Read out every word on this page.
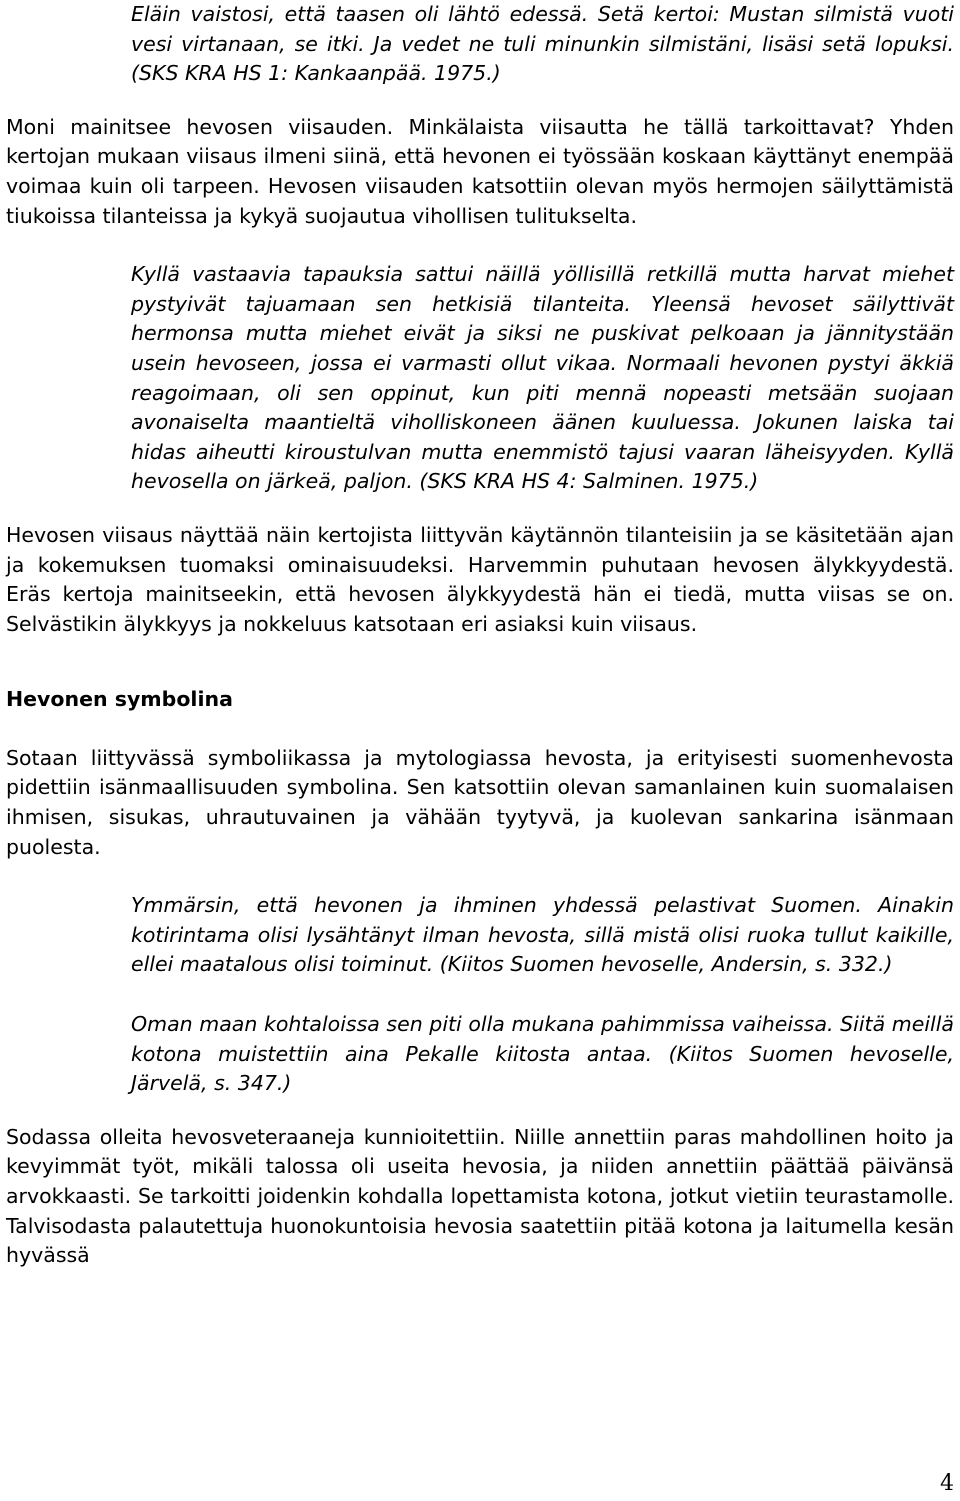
Eläin vaistosi, että taasen oli lähtö edessä. Setä kertoi: Mustan silmistä vuoti vesi virtanaan, se itki. Ja vedet ne tuli minunkin silmistäni, lisäsi setä lopuksi. (SKS KRA HS 1: Kankaanpää. 1975.)

Moni mainitsee hevosen viisauden. Minkälaista viisautta he tällä tarkoittavat? Yhden kertojan mukaan viisaus ilmeni siinä, että hevonen ei työssään koskaan käyttänyt enempää voimaa kuin oli tarpeen. Hevosen viisauden katsottiin olevan myös hermojen säilyttämistä tiukoissa tilanteissa ja kykyä suojautua vihollisen tulitukselta.

Kyllä vastaavia tapauksia sattui näillä yöllisillä retkillä mutta harvat miehet pystyivät tajuamaan sen hetkisiä tilanteita. Yleensä hevoset säilyttivät hermonsa mutta miehet eivät ja siksi ne puskivat pelkoaan ja jännitystään usein hevoseen, jossa ei varmasti ollut vikaa. Normaali hevonen pystyi äkkiä reagoimaan, oli sen oppinut, kun piti mennä nopeasti metsään suojaan avonaiselta maantieltä viholliskoneen äänen kuuluessa. Jokunen laiska tai hidas aiheutti kiroustulvan mutta enemmistö tajusi vaaran läheisyyden. Kyllä hevosella on järkeä, paljon. (SKS KRA HS 4: Salminen. 1975.)

Hevosen viisaus näyttää näin kertojista liittyvän käytännön tilanteisiin ja se käsitetään ajan ja kokemuksen tuomaksi ominaisuudeksi. Harvemmin puhutaan hevosen älykkyydestä. Eräs kertoja mainitseekin, että hevosen älykkyydestä hän ei tiedä, mutta viisas se on. Selvästikin älykkyys ja nokkeluus katsotaan eri asiaksi kuin viisaus.

Hevonen symbolina

Sotaan liittyvässä symboliikassa ja mytologiassa hevosta, ja erityisesti suomenhevosta pidettiin isänmaallisuuden symbolina. Sen katsottiin olevan samanlainen kuin suomalaisen ihmisen, sisukas, uhrautuvainen ja vähään tyytyvä, ja kuolevan sankarina isänmaan puolesta.

Ymmärsin, että hevonen ja ihminen yhdessä pelastivat Suomen. Ainakin kotirintama olisi lysähtänyt ilman hevosta, sillä mistä olisi ruoka tullut kaikille, ellei maatalous olisi toiminut. (Kiitos Suomen hevoselle, Andersin, s. 332.)

Oman maan kohtaloissa sen piti olla mukana pahimmissa vaiheissa. Siitä meillä kotona muistettiin aina Pekalle kiitosta antaa. (Kiitos Suomen hevoselle, Järvelä, s. 347.)

Sodassa olleita hevosveteraaneja kunnioitettiin. Niille annettiin paras mahdollinen hoito ja kevyimmät työt, mikäli talossa oli useita hevosia, ja niiden annettiin päättää päivänsä arvokkaasti. Se tarkoitti joidenkin kohdalla lopettamista kotona, jotkut vietiin teurastamolle. Talvisodasta palautettuja huonokuntoisia hevosia saatettiin pitää kotona ja laitumella kesän hyvässä

4
